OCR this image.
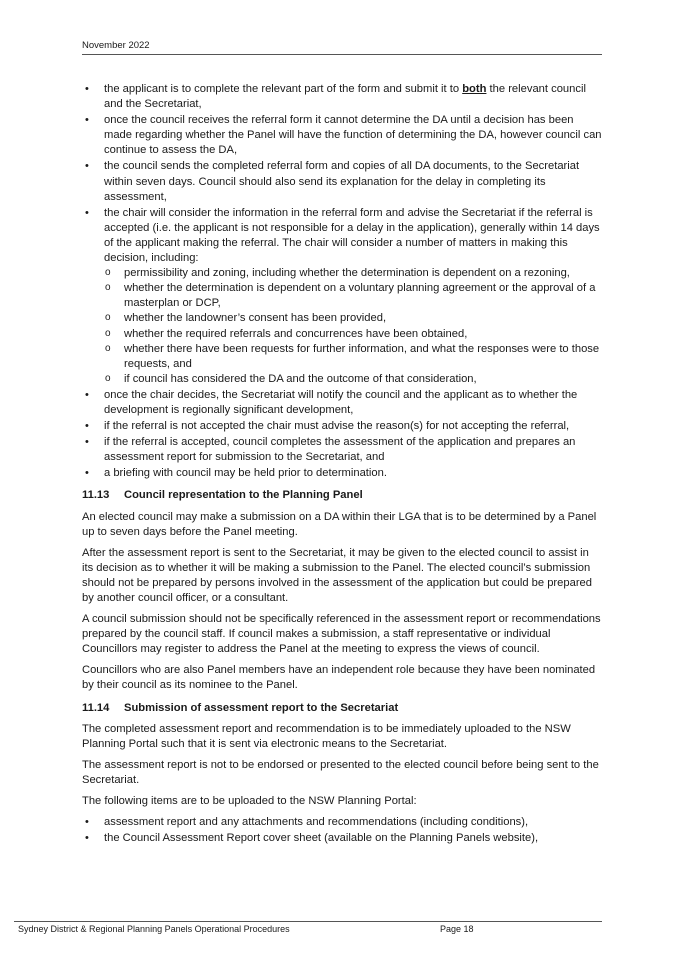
November 2022
• the applicant is to complete the relevant part of the form and submit it to both the relevant council and the Secretariat,
• once the council receives the referral form it cannot determine the DA until a decision has been made regarding whether the Panel will have the function of determining the DA, however council can continue to assess the DA,
• the council sends the completed referral form and copies of all DA documents, to the Secretariat within seven days. Council should also send its explanation for the delay in completing its assessment,
• the chair will consider the information in the referral form and advise the Secretariat if the referral is accepted (i.e. the applicant is not responsible for a delay in the application), generally within 14 days of the applicant making the referral. The chair will consider a number of matters in making this decision, including:
o permissibility and zoning, including whether the determination is dependent on a rezoning,
o whether the determination is dependent on a voluntary planning agreement or the approval of a masterplan or DCP,
o whether the landowner’s consent has been provided,
o whether the required referrals and concurrences have been obtained,
o whether there have been requests for further information, and what the responses were to those requests, and
o if council has considered the DA and the outcome of that consideration,
• once the chair decides, the Secretariat will notify the council and the applicant as to whether the development is regionally significant development,
• if the referral is not accepted the chair must advise the reason(s) for not accepting the referral,
• if the referral is accepted, council completes the assessment of the application and prepares an assessment report for submission to the Secretariat, and
• a briefing with council may be held prior to determination.
11.13 Council representation to the Planning Panel

An elected council may make a submission on a DA within their LGA that is to be determined by a Panel up to seven days before the Panel meeting.

After the assessment report is sent to the Secretariat, it may be given to the elected council to assist in its decision as to whether it will be making a submission to the Panel. The elected council’s submission should not be prepared by persons involved in the assessment of the application but could be prepared by another council officer, or a consultant.

A council submission should not be specifically referenced in the assessment report or recommendations prepared by the council staff. If council makes a submission, a staff representative or individual Councillors may register to address the Panel at the meeting to express the views of council.

Councillors who are also Panel members have an independent role because they have been nominated by their council as its nominee to the Panel.

11.14 Submission of assessment report to the Secretariat

The completed assessment report and recommendation is to be immediately uploaded to the NSW Planning Portal such that it is sent via electronic means to the Secretariat.

The assessment report is not to be endorsed or presented to the elected council before being sent to the Secretariat.

The following items are to be uploaded to the NSW Planning Portal:

• assessment report and any attachments and recommendations (including conditions),
• the Council Assessment Report cover sheet (available on the Planning Panels website),
Sydney District & Regional Planning Panels Operational Procedures	Page 18
